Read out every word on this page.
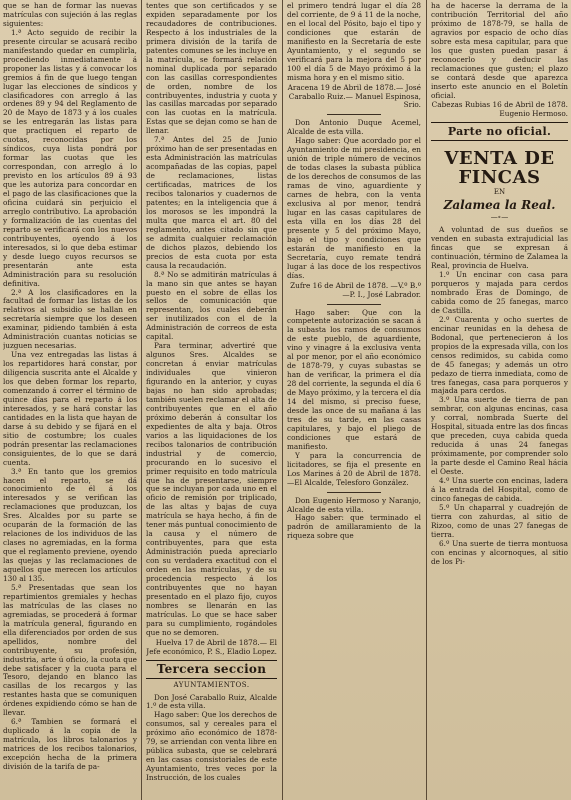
que se han de formar las nuevas matrículas con sujeción á las reglas siguientes:

1.ª Acto seguido de recibir la presente circular se acusará recibo manifestando quedar en cumplirla, procediendo inmediatamente á proponer las listas y á convocar los gremios á fin de que luego tengan lugar las elecciones de síndicos y clasificadores con arreglo á las ordenes 89 y 94 del Reglamento de 20 de Mayo de 1873 y á los cuales se les entregarán las listas para que practiquen el reparto de cuotas, reconocidas por los síndicos, cuya lista pondrá por formar las cuotas que les correspondan, con arreglo á lo previsto en los artículos 89 á 93 que les autoriza para concordar en el pago de las clasificaciones que la oficina cuidará sin perjuicio el arreglo contributivo. La aprobación y formalización de las cuentas del reparto se verificará con los nuevos contribuyentes, oyendo á los interesados, si lo que deba estimar y desde luego cuyos recursos se presentarán ante esta Administración para su resolución definitiva.

2.ª A los clasificadores en la facultad de formar las listas de los relativos al subsidio se hallan en secretaría siempre que los deseen examinar, pidiendo también á esta Administración cuantas noticias se juzguen necesarias.

Una vez entregadas las listas á los repartidores hará constar, por diligencia suscrita ante el Alcalde y los que deben formar los reparto, comenzando á correr el término de quince días para el reparto á los interesados, y se hará constar las cantidades en la lista que hayan de darse á su debido y se fijará en el sitio de costumbre; los cuales podrán presentar las reclamaciones consiguientes, de lo que se dará cuenta.

3.ª En tanto que los gremios hacen el reparto, se dá conocimiento de él á los interesados y se verifican las reclamaciones que produzcan, los Sres. Alcaldes por su parte se ocuparán de la formación de las relaciones de los individuos de las clases no agremiadas, en la forma que el reglamento previene, oyendo las quejas y las reclamaciones de aquellos que merecen los artículos 130 al 135.

5.ª Presentadas que sean los repartimientos gremiales y hechas las matrículas de las clases no agremiadas, se procederá á formar la matrícula general, figurando en ella diferenciados por orden de sus apellidos, nombre del contribuyente, su profesión, industria, arte ú oficio, la cuota que debe satisfacer y la cuota para el Tesoro, dejando en blanco las casillas de los recargos y las restantes hasta que se comuniquen órdenes expidiendo cómo se han de llevar.

6.ª Tambien se formará el duplicado á la copia de la matrícula, los libros talonarios y matrices de los recibos talonarios, excepción hecha de la primera división de la tarifa de pa-

tentes que son certificados y se expiden separadamente por los recaudadores de contribuciones. Respecto á los industriales de la primera división de la tarifa de patentes comunes se les incluye en la matrícula, se formará relación nominal duplicada por separado con las casillas correspondientes de orden, nombre de los contribuyentes, industria y cuota y las casillas marcadas por separado con las cuotas en la matrícula. Estas que se dejan como se han de llenar.

7.ª Antes del 25 de Junio próximo han de ser presentadas en esta Administración las matrículas acompañadas de las copias, papel de reclamaciones, listas certificadas, matrices de los recibos talonarios y cuadernos de patentes; en la inteligencia que á los morosos se les impondrá la multa que marca el art. 80 del reglamento, antes citado sin que se admita cualquier reclamación de dichos plazos, debiendo los precios de esta cuota por esta causa la recaudación.

8.ª No se admitirán matrículas á la mano sin que antes se hayan puesto en el sobre de ellas los sellos de comunicación que representan, los cuales deberán ser inutilizados con el de la Administración de correos de esta capital.

Para terminar, advertiré que algunos Sres. Alcaldes se concretan á enviar matrículas individuales que vinieron figurando en la anterior, y cuyas bajas no han sido aprobadas; también suelen reclamar el alta de contribuyentes que en el año próximo deberán á consultar los expedientes de alta y baja. Otros varios a las liquidaciones de los recibos talonarios de contribución industrial y de comercio, procurando en lo sucesivo el primer requisito en todo matrícula que ha de presentarse, siempre que se incluyan por cada uno en el oficio de remisión por triplicado, de las altas y bajas de cuya matrícula se haya hecho, á fin de tener más puntual conocimiento de la causa y el número de contribuyentes, para que esta Administración pueda apreciarlo con su verdadera exactitud con el orden en las matrículas, y de su procedencia respecto á los contribuyentes que no hayan presentado en el plazo fijo, cuyos nombres se llenarán en las matrículas. Lo que se hace saber para su cumplimiento, rogándoles que no se demoren.

Huelva 17 de Abril de 1878.— El Jefe económico, P. S., Eladio Lopez.

Tercera seccion
AYUNTAMIENTOS.

Don José Caraballo Ruiz, Alcalde 1.º de esta villa.

Hago saber: Que los derechos de consumos, sal y cereales para el próximo año económico de 1878-79, se arriendan con venta libre en pública subasta, que se celebrará en las casas consistoriales de este Ayuntamiento, tres veces por la Instrucción, de los cuales

el primero tendrá lugar el día 28 del corriente, de 9 á 11 de la noche, en el local del Pósito, bajo el tipo y condiciones que estarán de manifiesto en la Secretaría de este Ayuntamiento, y el segundo se verificará para la mejora del 5 por 100 el día 5 de Mayo próximo á la misma hora y en el mismo sitio.

Aracena 19 de Abril de 1878.— José Caraballo Ruiz.— Manuel Espinosa, Srio.

Don Antonio Duque Acemel, Alcalde de esta villa.

Hago saber: Que acordado por el Ayuntamiento de mi presidencia, en unión de triple número de vecinos de todas clases la subasta pública de los derechos de consumos de las ramas de vino, aguardiente y carnes de hebra, con la venta exclusiva al por menor, tendrá lugar en las casas capitulares de esta villa en los días 28 del presente y 5 del próximo Mayo, bajo el tipo y condiciones que estarán de manifiesto en la Secretaría, cuyo remate tendrá lugar á las doce de los respectivos días.

Zufre 16 de Abril de 1878. —V.º B.º—P. I., José Labrador.

Hago saber: Que con la competente autorización se sacan á la subasta los ramos de consumos de este pueblo, de aguardiente, vino y vinagre á la exclusiva venta al por menor, por el año económico de 1878-79, y cuyas subastas se han de verificar, la primera el día 28 del corriente, la segunda el día 6 de Mayo próximo, y la tercera el día 14 del mismo, si preciso fuese, desde las once de su mañana á las tres de su tarde, en las casas capitulares, y bajo el pliego de condiciones que estará de manifiesto.

Y para la concurrencia de licitadores, se fija el presente en Los Marines á 20 de Abril de 1878.—El Alcalde, Telesforo González.

Don Eugenio Hermoso y Naranjo, Alcalde de esta villa.

Hago saber: que terminado el padrón de amillaramiento de la riqueza sobre que

ha de hacerse la derrama de la contribución Territorial del año próximo de 1878-79, se halla de agravios por espacio de ocho días sobre esta mesa capitular, para que los que gusten puedan pasar á reconocerlo y deducir las reclamaciones que gusten; el plazo se contará desde que aparezca inserto este anuncio en el Boletín oficial.

Cabezas Rubias 16 de Abril de 1878. Eugenio Hermoso.

Parte no oficial.
VENTA DE FINCAS
EN
Zalamea la Real.
—∘—

A voluntad de sus dueños se venden en subasta extrajudicial las fincas que se expresan á continuación, término de Zalamea la Real, provincia de Huelva.

1.º Un encinar con casa para porqueros y majada para cerdos nombrado Eras de Domingo, de cabida como de 25 fanegas, marco de Castilla.

2.º Cuarenta y ocho suertes de encinar reunidas en la dehesa de Bodonal, que pertenecieron á los propios de la expresada villa, con los censos redimidos, su cabida como de 45 fanegas; y además un otro pedazo de tierra inmediata, como de tres fanegas, casa para porqueros y majada para cerdos.

3.º Una suerte de tierra de pan sembrar, con algunas encinas, casa y corral, nombrada Suerte del Hospital, situada entre las dos fincas que preceden, cuya cabida queda reducida á unas 24 fanegas próximamente, por comprender solo la parte desde el Camino Real hácia el Oeste.

4.º Una suerte con encinas, ladera á la entrada del Hospital, como de cinco fanegas de cabida.

5.º Un chaparral y cuadrejón de tierra con zahurdas, al sitio de Rizoo, como de unas 27 fanegas de tierra.

6.º Una suerte de tierra montuosa con encinas y alcornoques, al sitio de los Pi-
